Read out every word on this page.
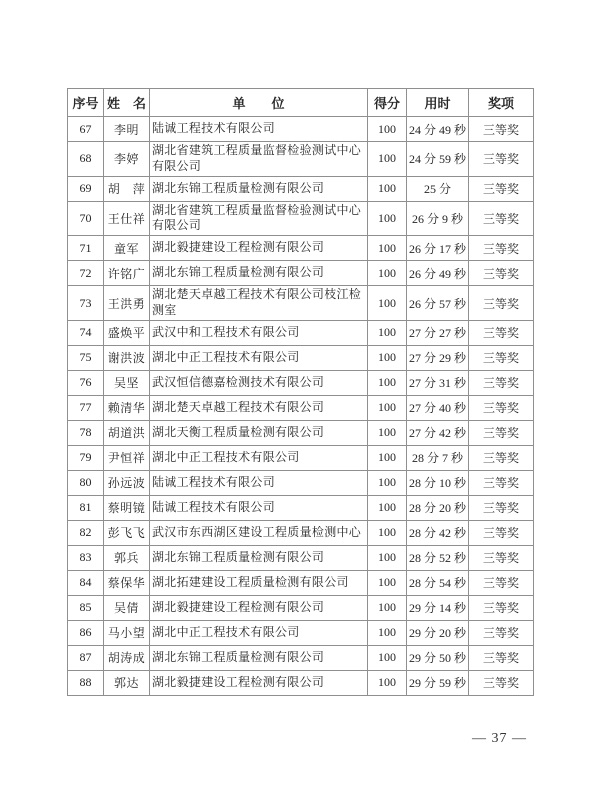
序号	姓　名	单　　位	得分	用时	奖项
67	李明	陆诚工程技术有限公司	100	24 分 49 秒	三等奖
68	李婷	湖北省建筑工程质量监督检验测试中心有限公司	100	24 分 59 秒	三等奖
69	胡　萍	湖北东锦工程质量检测有限公司	100	25 分	三等奖
70	王仕祥	湖北省建筑工程质量监督检验测试中心有限公司	100	26 分 9 秒	三等奖
71	童军	湖北毅捷建设工程检测有限公司	100	26 分 17 秒	三等奖
72	许铭广	湖北东锦工程质量检测有限公司	100	26 分 49 秒	三等奖
73	王洪勇	湖北楚天卓越工程技术有限公司枝江检测室	100	26 分 57 秒	三等奖
74	盛焕平	武汉中和工程技术有限公司	100	27 分 27 秒	三等奖
75	谢洪波	湖北中正工程技术有限公司	100	27 分 29 秒	三等奖
76	吴坚	武汉恒信德嘉检测技术有限公司	100	27 分 31 秒	三等奖
77	赖清华	湖北楚天卓越工程技术有限公司	100	27 分 40 秒	三等奖
78	胡道洪	湖北天衡工程质量检测有限公司	100	27 分 42 秒	三等奖
79	尹恒祥	湖北中正工程技术有限公司	100	28 分 7 秒	三等奖
80	孙远波	陆诚工程技术有限公司	100	28 分 10 秒	三等奖
81	蔡明镜	陆诚工程技术有限公司	100	28 分 20 秒	三等奖
82	彭飞飞	武汉市东西湖区建设工程质量检测中心	100	28 分 42 秒	三等奖
83	郭兵	湖北东锦工程质量检测有限公司	100	28 分 52 秒	三等奖
84	蔡保华	湖北拓建建设工程质量检测有限公司	100	28 分 54 秒	三等奖
85	吴倩	湖北毅捷建设工程检测有限公司	100	29 分 14 秒	三等奖
86	马小望	湖北中正工程技术有限公司	100	29 分 20 秒	三等奖
87	胡涛成	湖北东锦工程质量检测有限公司	100	29 分 50 秒	三等奖
88	郭达	湖北毅捷建设工程检测有限公司	100	29 分 59 秒	三等奖
— 37 —
